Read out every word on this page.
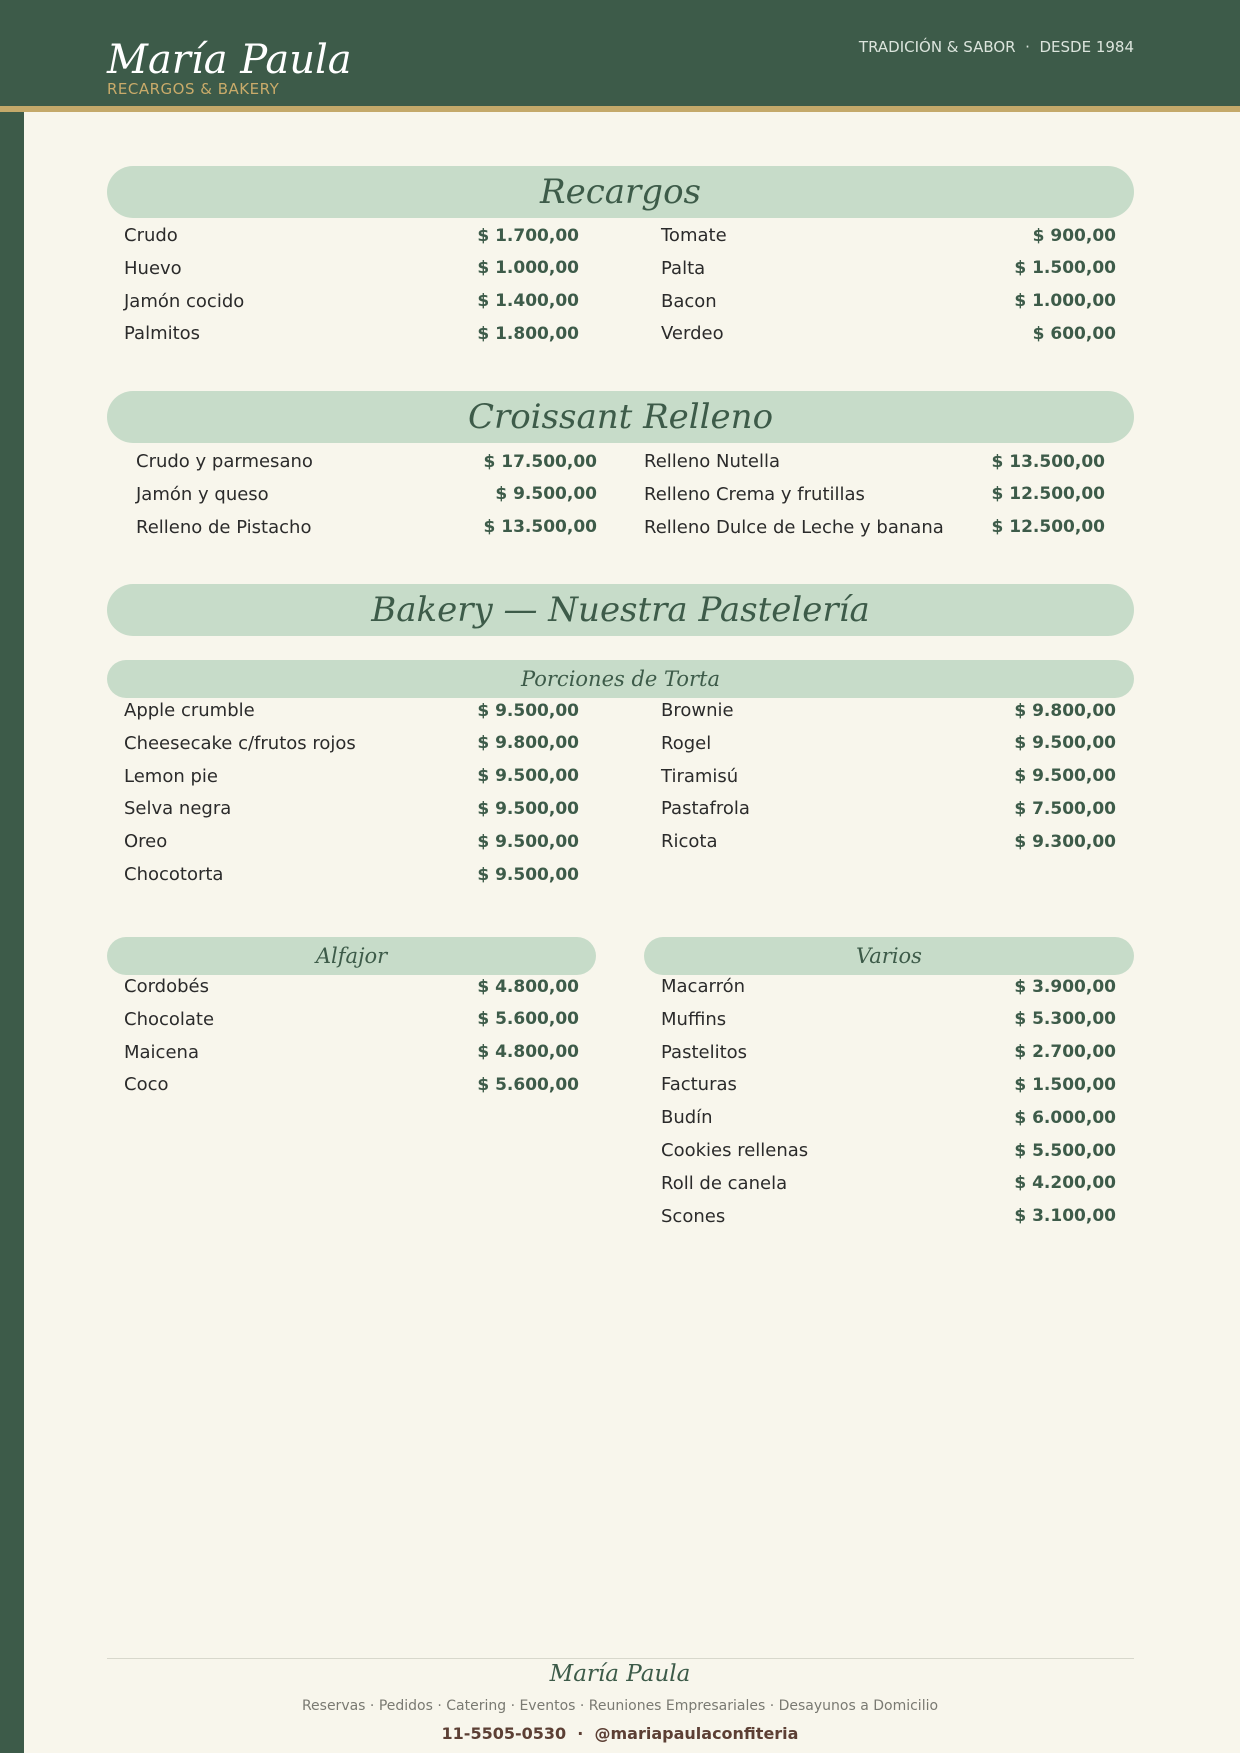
María Paula
RECARGOS & BAKERY
TRADICIÓN & SABOR · DESDE 1984
Recargos
Crudo	$ 1.700,00
Huevo	$ 1.000,00
Jamón cocido	$ 1.400,00
Palmitos	$ 1.800,00
Tomate	$ 900,00
Palta	$ 1.500,00
Bacon	$ 1.000,00
Verdeo	$ 600,00
Croissant Relleno
Crudo y parmesano	$ 17.500,00
Jamón y queso	$ 9.500,00
Relleno de Pistacho	$ 13.500,00
Relleno Nutella	$ 13.500,00
Relleno Crema y frutillas	$ 12.500,00
Relleno Dulce de Leche y banana	$ 12.500,00
Bakery — Nuestra Pastelería
Porciones de Torta
Apple crumble	$ 9.500,00
Cheesecake c/frutos rojos	$ 9.800,00
Lemon pie	$ 9.500,00
Selva negra	$ 9.500,00
Oreo	$ 9.500,00
Chocotorta	$ 9.500,00
Brownie	$ 9.800,00
Rogel	$ 9.500,00
Tiramisú	$ 9.500,00
Pastafrola	$ 7.500,00
Ricota	$ 9.300,00
Alfajor
Cordobés	$ 4.800,00
Chocolate	$ 5.600,00
Maicena	$ 4.800,00
Coco	$ 5.600,00
Varios
Macarrón	$ 3.900,00
Muffins	$ 5.300,00
Pastelitos	$ 2.700,00
Facturas	$ 1.500,00
Budín	$ 6.000,00
Cookies rellenas	$ 5.500,00
Roll de canela	$ 4.200,00
Scones	$ 3.100,00
María Paula
Reservas · Pedidos · Catering · Eventos · Reuniones Empresariales · Desayunos a Domicilio
11-5505-0530 · @mariapaulaconfiteria
